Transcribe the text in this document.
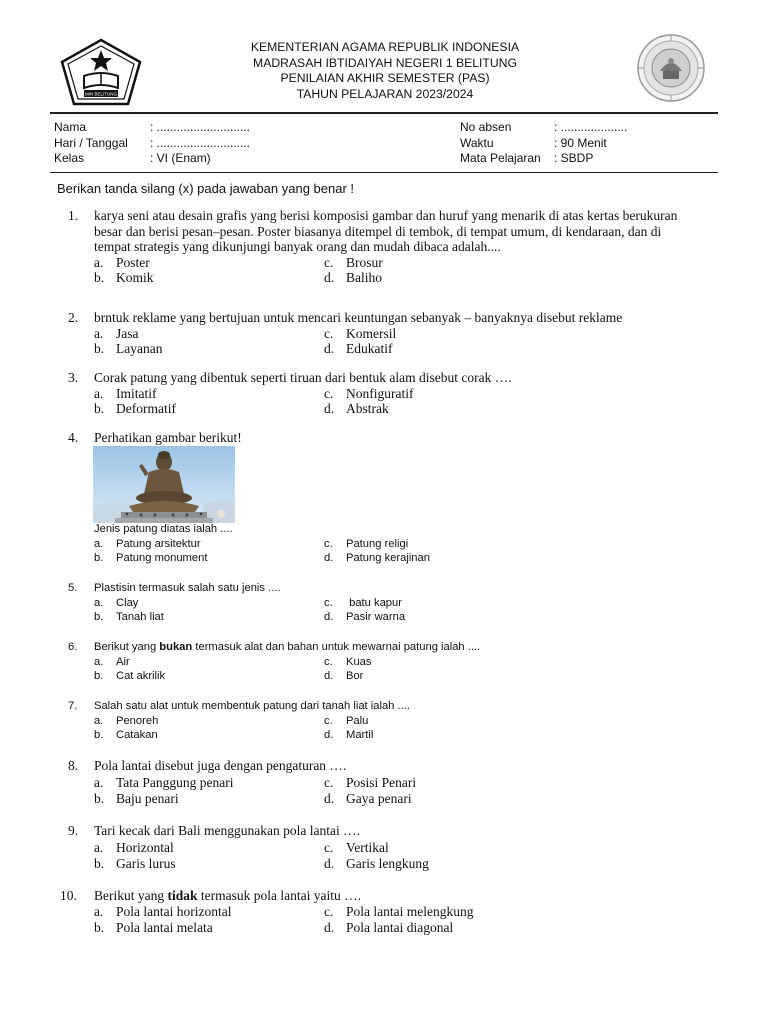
MIN BELITUNG
KEMENTERIAN AGAMA REPUBLIK INDONESIA
MADRASAH IBTIDAIYAH NEGERI 1 BELITUNG
PENILAIAN AKHIR SEMESTER (PAS)
TAHUN PELAJARAN 2023/2024
Nama	: ............................
Hari / Tanggal	: ............................
Kelas	: VI (Enam)
No absen	: ....................
Waktu	: 90 Menit
Mata Pelajaran	: SBDP
Berikan tanda silang (x) pada jawaban yang benar !
1. karya seni atau desain grafis yang berisi komposisi gambar dan huruf yang menarik di atas kertas berukuran besar dan berisi pesan–pesan. Poster biasanya ditempel di tembok, di tempat umum, di kendaraan, dan di tempat strategis yang dikunjungi banyak orang dan mudah dibaca adalah....
a. Poster	c. Brosur
b. Komik	d. Baliho
2. brntuk reklame yang bertujuan untuk mencari keuntungan sebanyak – banyaknya disebut reklame
a. Jasa	c. Komersil
b. Layanan	d. Edukatif
3. Corak patung yang dibentuk seperti tiruan dari bentuk alam disebut corak ….
a. Imitatif	c. Nonfiguratif
b. Deformatif	d. Abstrak
4. Perhatikan gambar berikut!
Jenis patung diatas ialah ....
a.	Patung arsitektur	c.	Patung religi
b.	Patung monument	d.	Patung kerajinan
5. Plastisin termasuk salah satu jenis ....
a.	Clay	c.	batu kapur
b.	Tanah liat	d.	Pasir warna
6. Berikut yang bukan termasuk alat dan bahan untuk mewarnai patung ialah ....
a.	Air	c.	Kuas
b.	Cat akrilik	d.	Bor
7. Salah satu alat untuk membentuk patung dari tanah liat ialah ....
a.	Penoreh	c.	Palu
b.	Catakan	d.	Martil
8. Pola lantai disebut juga dengan pengaturan ….
a. Tata Panggung penari	c. Posisi Penari
b. Baju penari	d. Gaya penari
9. Tari kecak dari Bali menggunakan pola lantai ….
a. Horizontal	c. Vertikal
b. Garis lurus	d. Garis lengkung
10. Berikut yang tidak termasuk pola lantai yaitu ….
a. Pola lantai horizontal	c. Pola lantai melengkung
b. Pola lantai melata	d. Pola lantai diagonal
